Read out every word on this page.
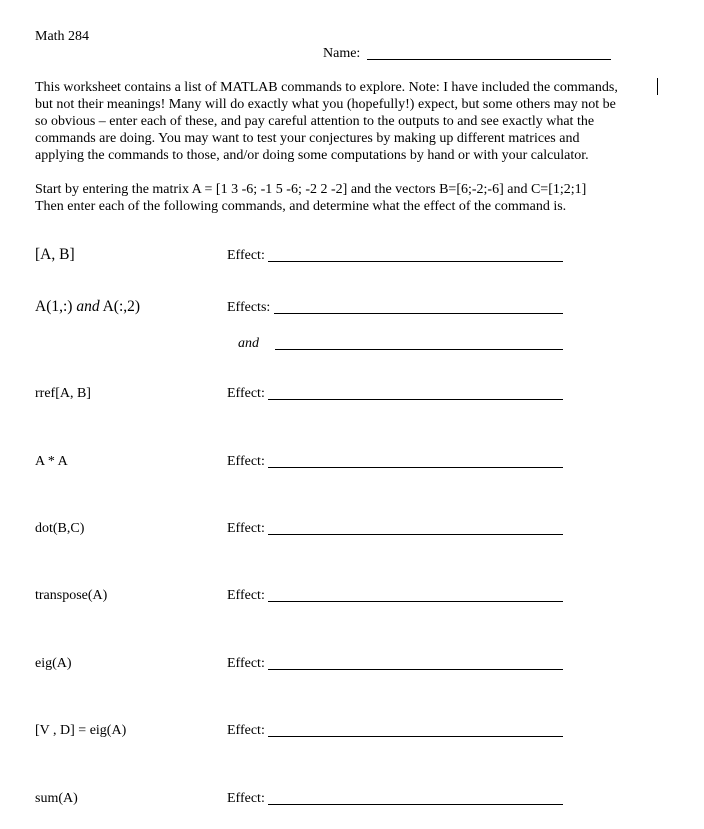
Math 284
Name:
This worksheet contains a list of MATLAB commands to explore. Note: I have included the commands,
but not their meanings! Many will do exactly what you (hopefully!) expect, but some others may not be
so obvious – enter each of these, and pay careful attention to the outputs to and see exactly what the
commands are doing. You may want to test your conjectures by making up different matrices and
applying the commands to those, and/or doing some computations by hand or with your calculator.
Start by entering the matrix A = [1 3 -6; -1 5 -6; -2 2 -2] and the vectors B=[6;-2;-6] and C=[1;2;1]
Then enter each of the following commands, and determine what the effect of the command is.
[A, B]	Effect:
A(1,:) and A(:,2)	Effects:
and
rref[A, B]	Effect:
A * A	Effect:
dot(B,C)	Effect:
transpose(A)	Effect:
eig(A)	Effect:
[V , D] = eig(A)	Effect:
sum(A)	Effect:
